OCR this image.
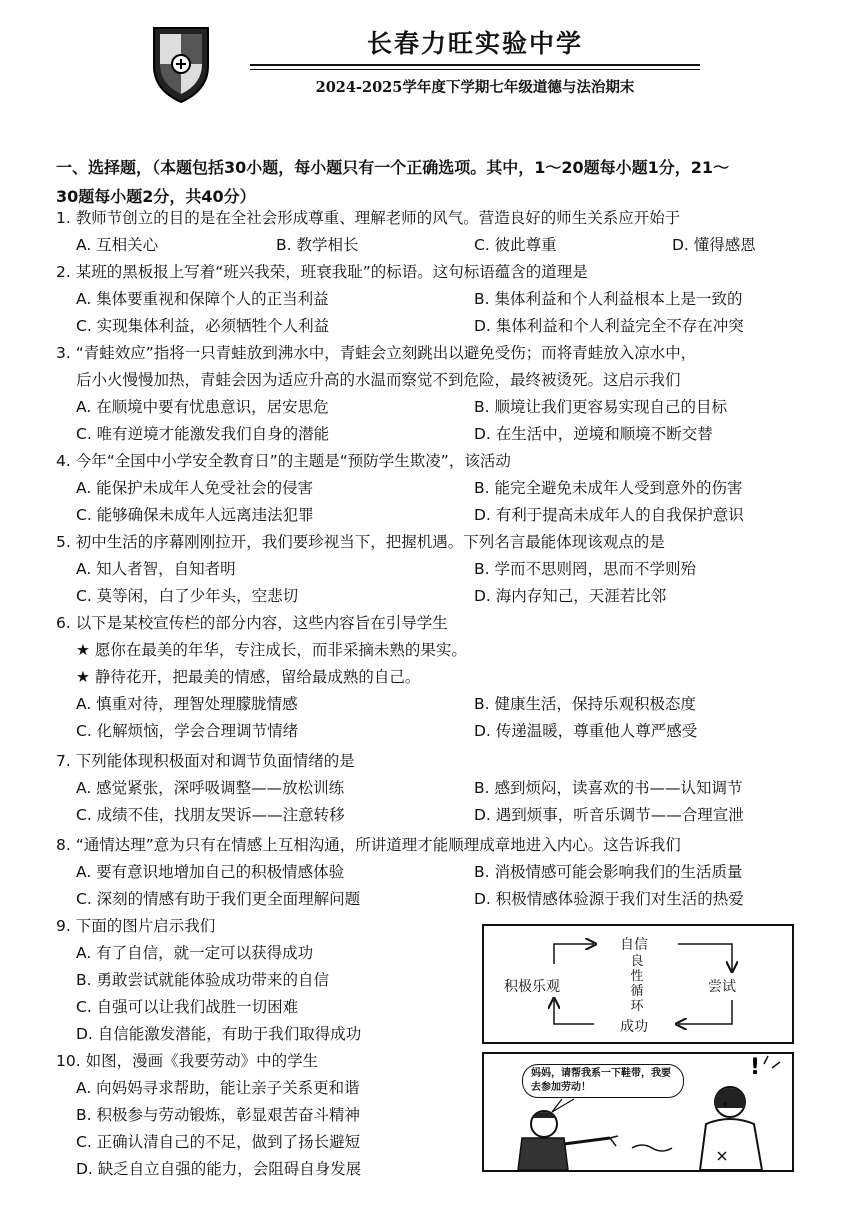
长春力旺实验中学
2024-2025学年度下学期七年级道德与法治期末
一、选择题，（本题包括30小题，每小题只有一个正确选项。其中，1～20题每小题1分，21～
30题每小题2分，共40分）
1. 教师节创立的目的是在全社会形成尊重、理解老师的风气。营造良好的师生关系应开始于
A. 互相关心	B. 教学相长	C. 彼此尊重	D. 懂得感恩
2. 某班的黑板报上写着“班兴我荣，班衰我耻”的标语。这句标语蕴含的道理是
A. 集体要重视和保障个人的正当利益	B. 集体利益和个人利益根本上是一致的
C. 实现集体利益，必须牺牲个人利益	D. 集体利益和个人利益完全不存在冲突
3. “青蛙效应”指将一只青蛙放到沸水中，青蛙会立刻跳出以避免受伤；而将青蛙放入凉水中，
后小火慢慢加热，青蛙会因为适应升高的水温而察觉不到危险，最终被烫死。这启示我们
A. 在顺境中要有忧患意识，居安思危	B. 顺境让我们更容易实现自己的目标
C. 唯有逆境才能激发我们自身的潜能	D. 在生活中，逆境和顺境不断交替
4. 今年“全国中小学安全教育日”的主题是“预防学生欺凌”，该活动
A. 能保护未成年人免受社会的侵害	B. 能完全避免未成年人受到意外的伤害
C. 能够确保未成年人远离违法犯罪	D. 有利于提高未成年人的自我保护意识
5. 初中生活的序幕刚刚拉开，我们要珍视当下，把握机遇。下列名言最能体现该观点的是
A. 知人者智，自知者明	B. 学而不思则罔，思而不学则殆
C. 莫等闲，白了少年头，空悲切	D. 海内存知己，天涯若比邻
6. 以下是某校宣传栏的部分内容，这些内容旨在引导学生
★ 愿你在最美的年华，专注成长，而非采摘未熟的果实。
★ 静待花开，把最美的情感，留给最成熟的自己。
A. 慎重对待，理智处理朦胧情感	B. 健康生活，保持乐观积极态度
C. 化解烦恼，学会合理调节情绪	D. 传递温暖，尊重他人尊严感受
7. 下列能体现积极面对和调节负面情绪的是
A. 感觉紧张，深呼吸调整——放松训练	B. 感到烦闷，读喜欢的书——认知调节
C. 成绩不佳，找朋友哭诉——注意转移	D. 遇到烦事，听音乐调节——合理宣泄
8. “通情达理”意为只有在情感上互相沟通，所讲道理才能顺理成章地进入内心。这告诉我们
A. 要有意识地增加自己的积极情感体验	B. 消极情感可能会影响我们的生活质量
C. 深刻的情感有助于我们更全面理解问题	D. 积极情感体验源于我们对生活的热爱
9. 下面的图片启示我们
A. 有了自信，就一定可以获得成功
B. 勇敢尝试就能体验成功带来的自信
C. 自强可以让我们战胜一切困难
D. 自信能激发潜能，有助于我们取得成功
10. 如图，漫画《我要劳动》中的学生
A. 向妈妈寻求帮助，能让亲子关系更和谐
B. 积极参与劳动锻炼，彰显艰苦奋斗精神
C. 正确认清自己的不足，做到了扬长避短
D. 缺乏自立自强的能力，会阻碍自身发展
自信
尝试
成功
积极乐观
良性循环
妈妈，请帮我系一下鞋带，我要去参加劳动！
!
